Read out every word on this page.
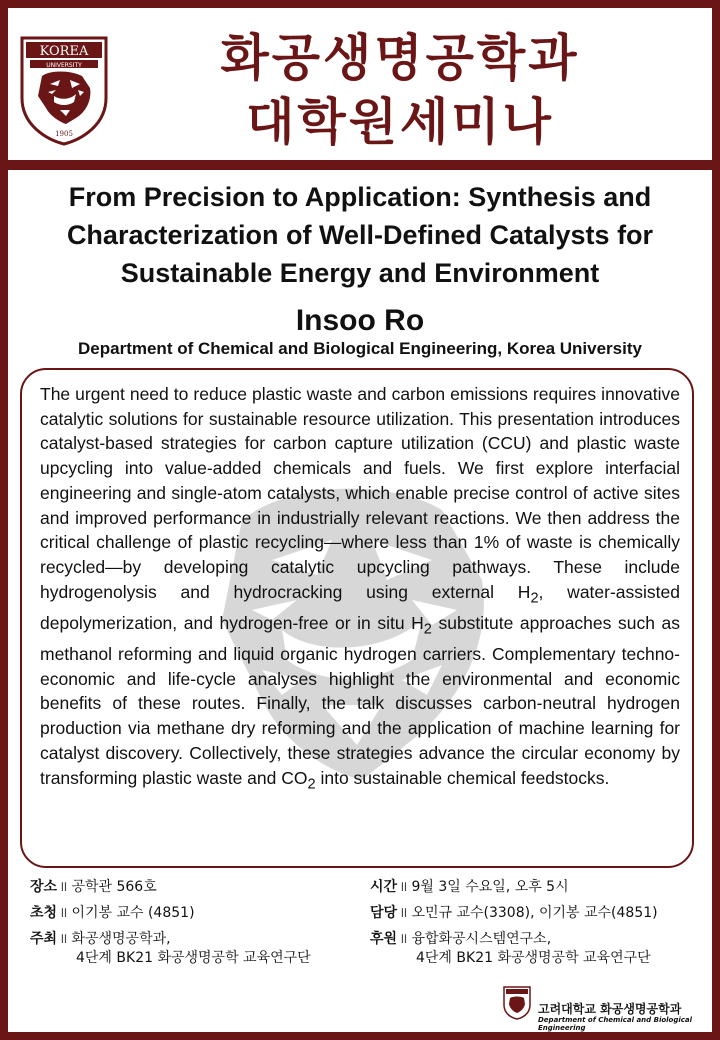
KOREA
UNIVERSITY
1905
화공생명공학과
대학원세미나
From Precision to Application: Synthesis and Characterization of Well-Defined Catalysts for Sustainable Energy and Environment
Insoo Ro
Department of Chemical and Biological Engineering, Korea University
The urgent need to reduce plastic waste and carbon emissions requires innovative catalytic solutions for sustainable resource utilization. This presentation introduces catalyst-based strategies for carbon capture utilization (CCU) and plastic waste upcycling into value-added chemicals and fuels. We first explore interfacial engineering and single-atom catalysts, which enable precise control of active sites and improved performance in industrially relevant reactions. We then address the critical challenge of plastic recycling—where less than 1% of waste is chemically recycled—by developing catalytic upcycling pathways. These include hydrogenolysis and hydrocracking using external $H_2$, water-assisted depolymerization, and hydrogen-free or in situ $H_2$ substitute approaches such as methanol reforming and liquid organic hydrogen carriers. Complementary techno-economic and life-cycle analyses highlight the environmental and economic benefits of these routes. Finally, the talk discusses carbon-neutral hydrogen production via methane dry reforming and the application of machine learning for catalyst discovery. Collectively, these strategies advance the circular economy by transforming plastic waste and $CO_2$ into sustainable chemical feedstocks.
장소 ॥ 공학관 566호	시간 ॥ 9월 3일 수요일, 오후 5시
초청 ॥ 이기봉 교수 (4851)	담당 ॥ 오민규 교수(3308), 이기봉 교수(4851)
주최 ॥ 화공생명공학과,
4단계 BK21 화공생명공학 교육연구단
후원 ॥ 융합화공시스템연구소,
4단계 BK21 화공생명공학 교육연구단
고려대학교 화공생명공학과
Department of Chemical and Biological Engineering
